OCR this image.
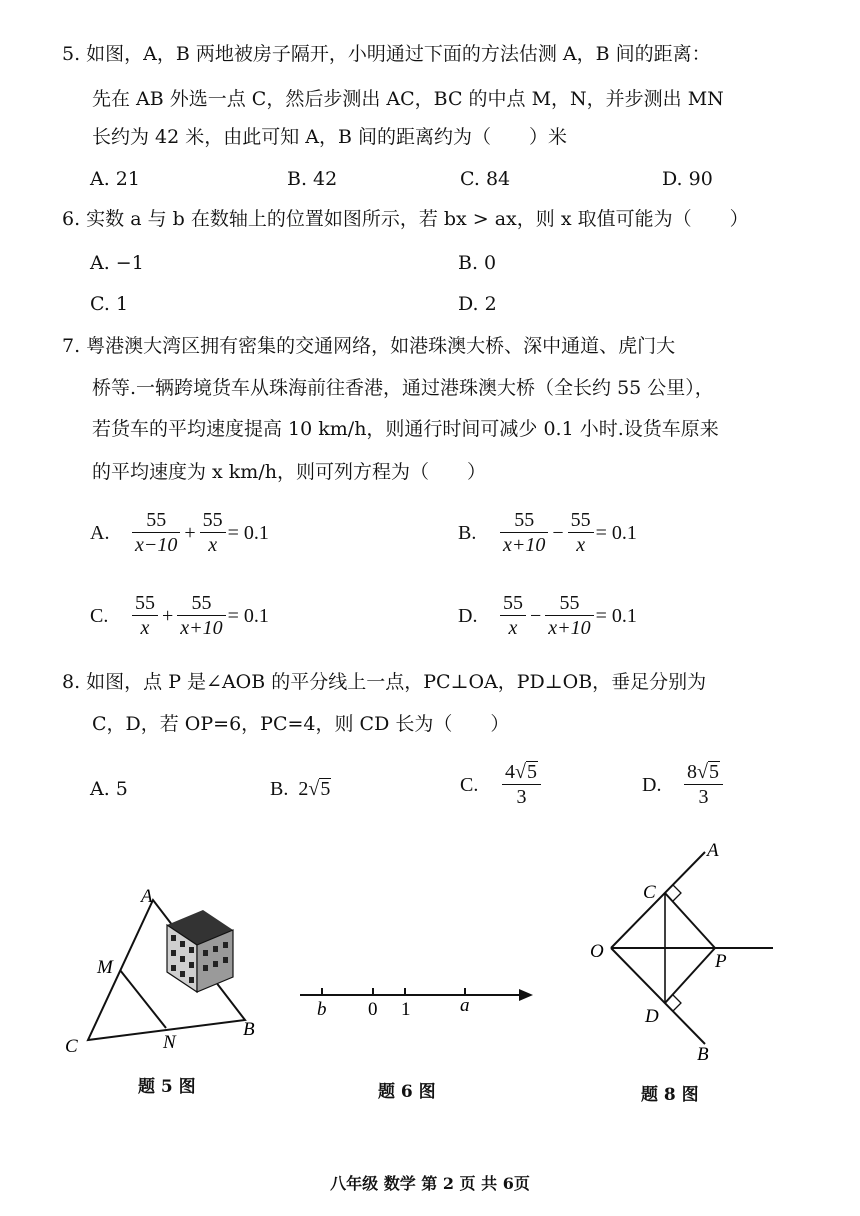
5. 如图，A，B 两地被房子隔开，小明通过下面的方法估测 A，B 间的距离：
先在 AB 外选一点 C，然后步测出 AC，BC 的中点 M，N，并步测出 MN
长约为 42 米，由此可知 A，B 间的距离约为（　　）米
A. 21	B. 42	C. 84	D. 90
6. 实数 a 与 b 在数轴上的位置如图所示，若 bx > ax，则 x 取值可能为（　　）
A. −1	B. 0
C. 1	D. 2
7. 粤港澳大湾区拥有密集的交通网络，如港珠澳大桥、深中通道、虎门大
桥等.一辆跨境货车从珠海前往香港，通过港珠澳大桥（全长约 55 公里），
若货车的平均速度提高 10 km/h，则通行时间可减少 0.1 小时.设货车原来
的平均速度为 x km/h，则可列方程为（　　）
A.	$\frac{55}{x-10} + \frac{55}{x} = 0.1$	B.	$\frac{55}{x+10} - \frac{55}{x} = 0.1$
C.	$\frac{55}{x} + \frac{55}{x+10} = 0.1$	D.	$\frac{55}{x} - \frac{55}{x+10} = 0.1$
8. 如图，点 P 是∠AOB 的平分线上一点，PC⊥OA，PD⊥OB，垂足分别为
C，D，若 OP=6，PC=4，则 CD 长为（　　）
A. 5	B. 2√5	C.	$\frac{4√5}{3}$	D.	$\frac{8√5}{3}$
A
M
C	N
B
题 5 图
b 0 1	a
题 6 图
A
C
O	P
D
B
题 8 图
八年级 数学 第 2 页 共 6页
